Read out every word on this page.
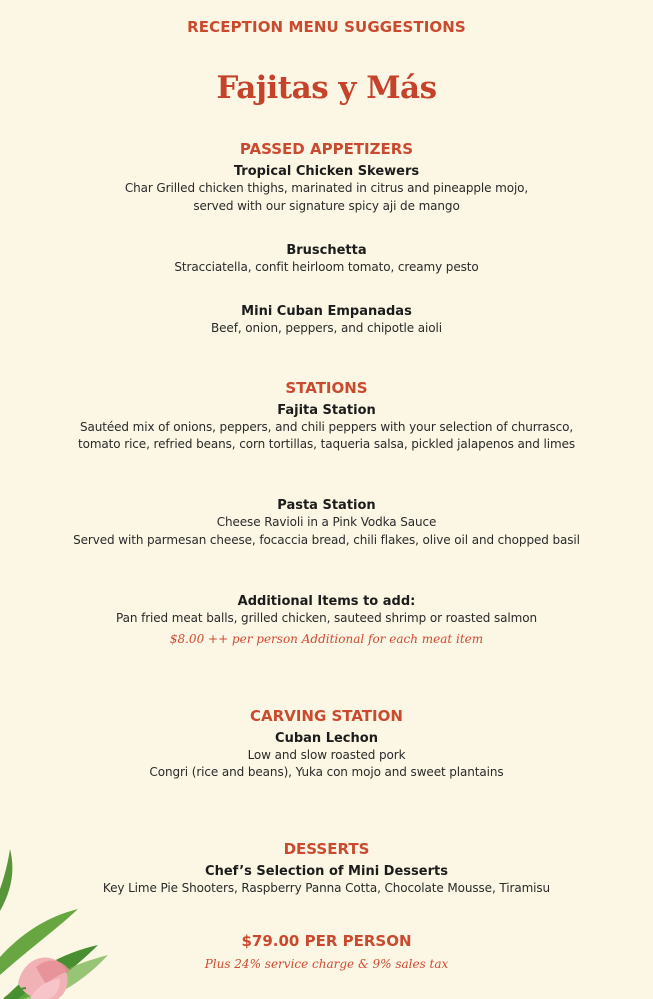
RECEPTION MENU SUGGESTIONS
Fajitas y Más
PASSED APPETIZERS
Tropical Chicken Skewers
Char Grilled chicken thighs, marinated in citrus and pineapple mojo,
served with our signature spicy aji de mango
Bruschetta
Stracciatella, confit heirloom tomato, creamy pesto
Mini Cuban Empanadas
Beef, onion, peppers, and chipotle aioli
STATIONS
Fajita Station
Sautéed mix of onions, peppers, and chili peppers with your selection of churrasco,
tomato rice, refried beans, corn tortillas, taqueria salsa, pickled jalapenos and limes
Pasta Station
Cheese Ravioli in a Pink Vodka Sauce
Served with parmesan cheese, focaccia bread, chili flakes, olive oil and chopped basil
Additional Items to add:
Pan fried meat balls, grilled chicken, sauteed shrimp or roasted salmon
$8.00 ++ per person Additional for each meat item
CARVING STATION
Cuban Lechon
Low and slow roasted pork
Congri (rice and beans), Yuka con mojo and sweet plantains
DESSERTS
Chef’s Selection of Mini Desserts
Key Lime Pie Shooters, Raspberry Panna Cotta, Chocolate Mousse, Tiramisu
$79.00 PER PERSON
Plus 24% service charge & 9% sales tax
